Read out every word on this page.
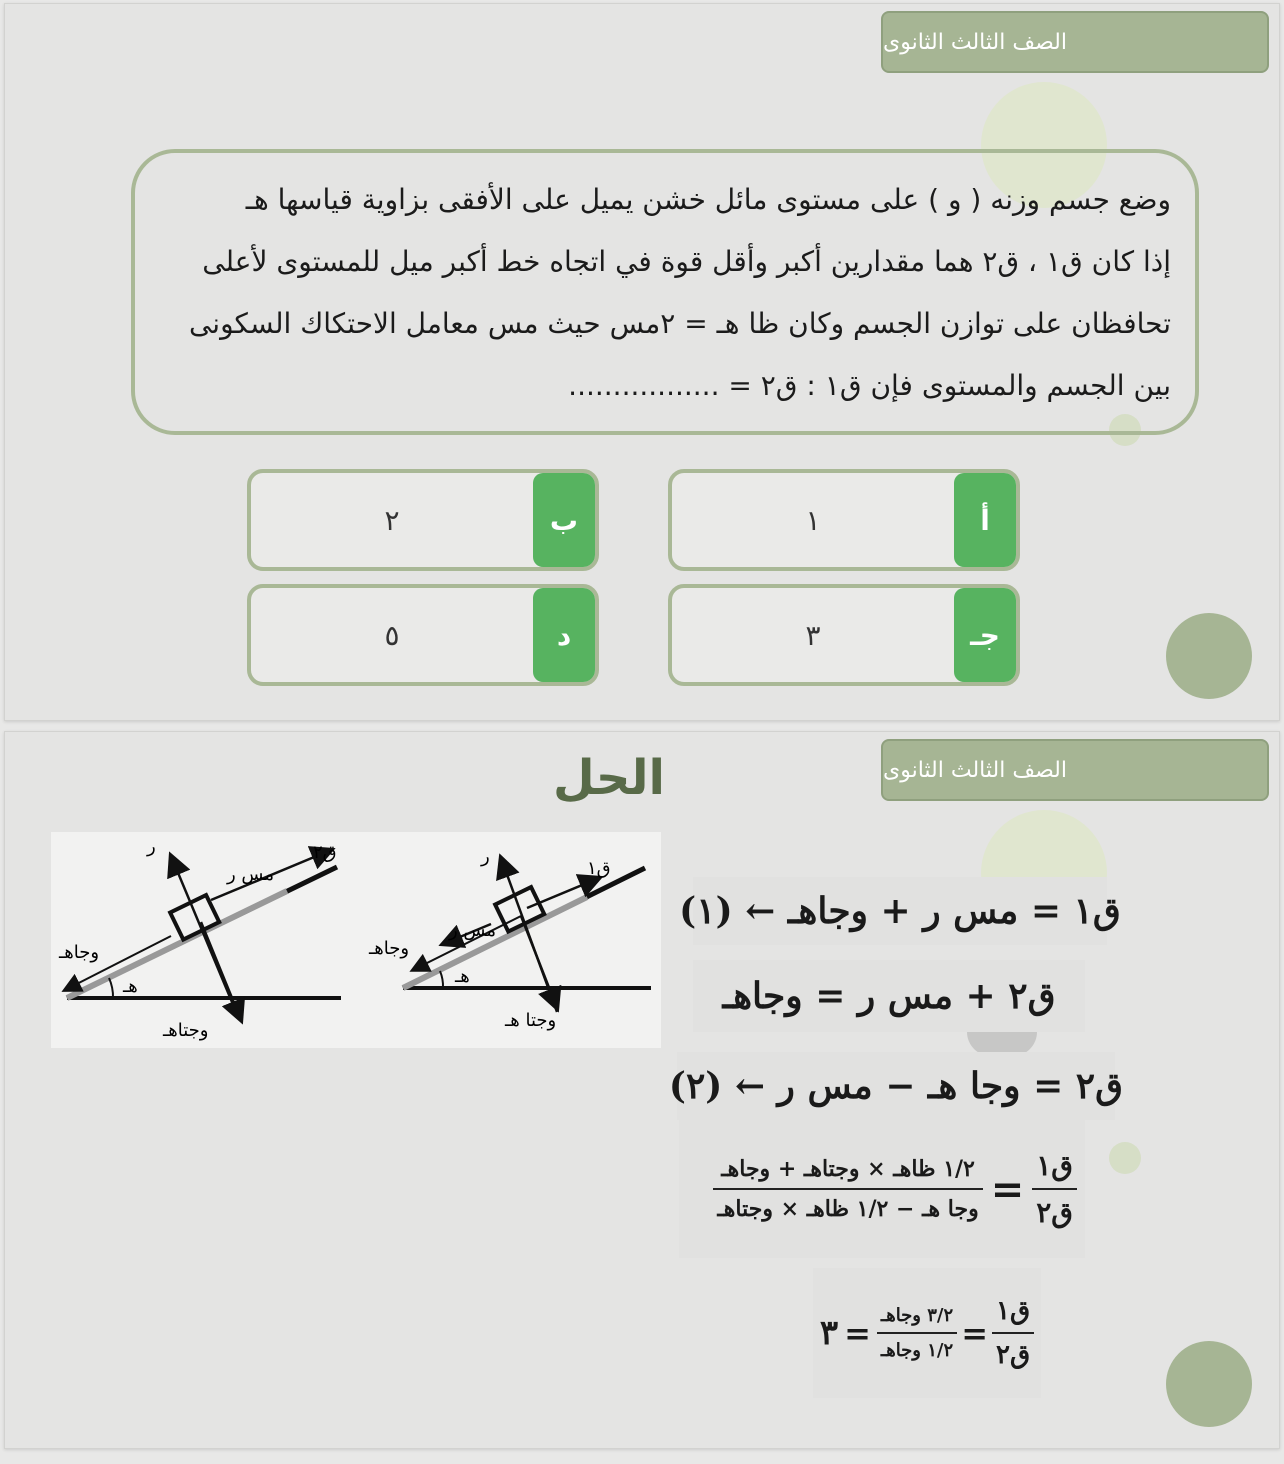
الصف الثالث الثانوى
وضع جسم وزنه ( و ) على مستوى مائل خشن يميل على الأفقى بزاوية قياسها هـ
إذا كان ق١ ، ق٢ هما مقدارين أكبر وأقل قوة في اتجاه خط أكبر ميل للمستوى لأعلى
تحافظان على توازن الجسم وكان ظا هـ = ٢مس حيث مس معامل الاحتكاك السكونى
بين الجسم والمستوى فإن ق١ : ق٢ = .................
أ
١
ب
٢
جـ
٣
د
٥
الصف الثالث الثانوى
الحل
ر
مس ر
ق٢
وجاهـ
هـ
وجتاهـ
ر
ق١
مس ر
وجاهـ
هـ
وجتا هـ
ق١ = مس ر + وجاهـ ← (١)
ق٢ + مس ر = وجاهـ
ق٢ = وجا هـ − مس ر ← (٢)
$\frac{\text{ق١}}{\text{ق٢}}$
=
$\frac{\text{١/٢ ظاهـ × وجتاهـ + وجاهـ}}{\text{وجا هـ − ١/٢ ظاهـ × وجتاهـ}}$
$\frac{\text{ق١}}{\text{ق٢}}$
=
$\frac{\text{٣/٢ وجاهـ}}{\text{١/٢ وجاهـ}}$
=
٣
